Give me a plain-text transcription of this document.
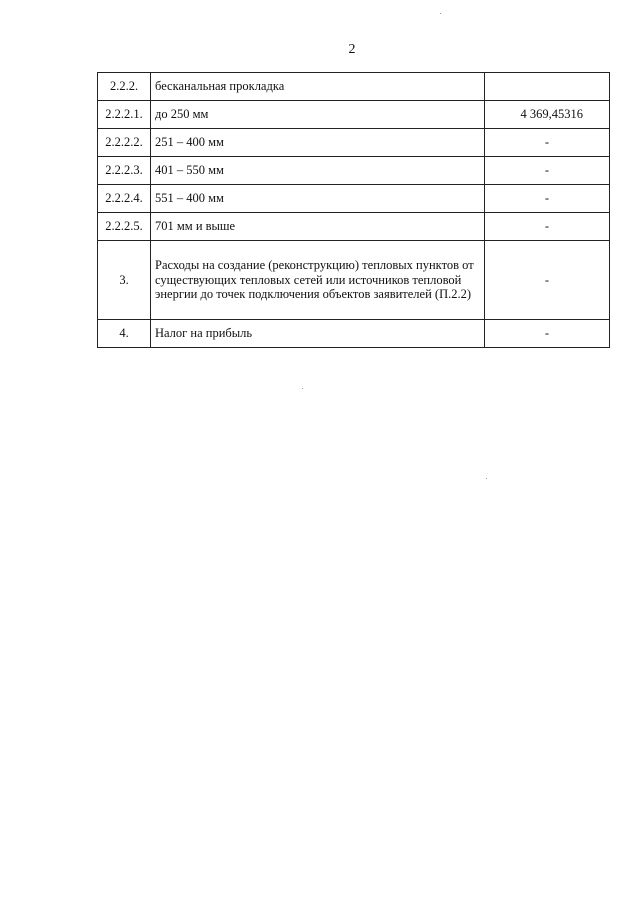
2
2.2.2.	бесканальная прокладка	
2.2.2.1.	до 250 мм	4 369,45316
2.2.2.2.	251 – 400 мм	-
2.2.2.3.	401 – 550 мм	-
2.2.2.4.	551 – 400 мм	-
2.2.2.5.	701 мм и выше	-
3.	Расходы на создание (реконструкцию) тепловых пунктов от существующих тепловых сетей или источников тепловой энергии до точек подключения объектов заявителей (П.2.2)	-
4.	Налог на прибыль	-
